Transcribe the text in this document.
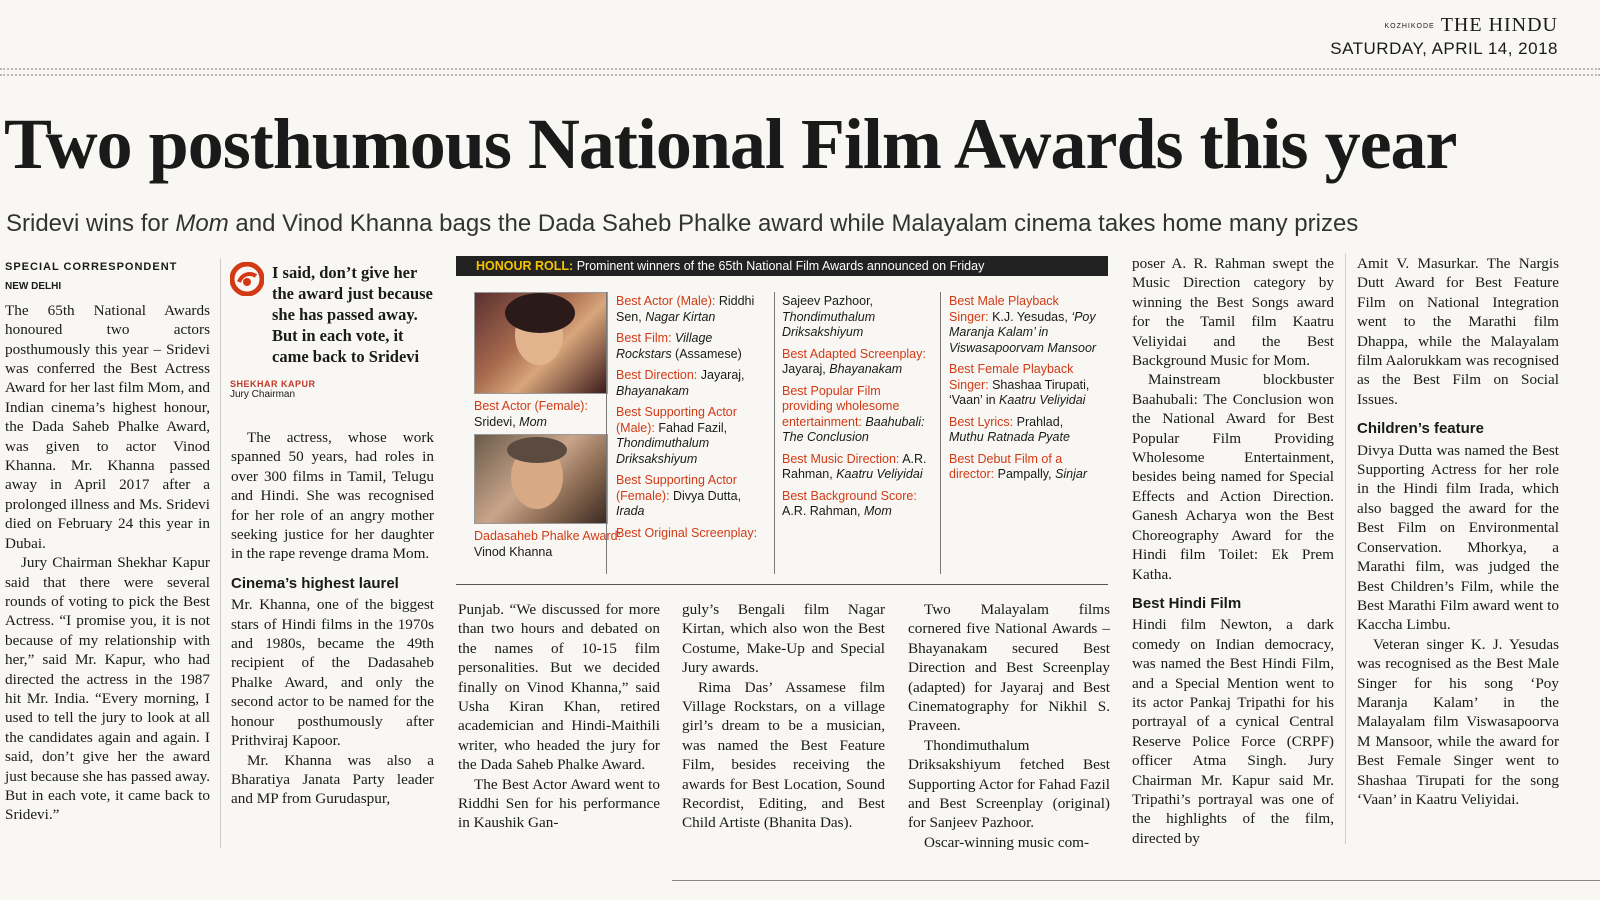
KOZHIKODE THE HINDU
SATURDAY, APRIL 14, 2018
Two posthumous National Film Awards this year
Sridevi wins for Mom and Vinod Khanna bags the Dada Saheb Phalke award while Malayalam cinema takes home many prizes
SPECIAL CORRESPONDENT
NEW DELHI

The 65th National Awards honoured two actors posthumously this year – Sridevi was conferred the Best Actress Award for her last film Mom, and Indian cinema’s highest honour, the Dada Saheb Phalke Award, was given to actor Vinod Khanna. Mr. Khanna passed away in April 2017 after a prolonged illness and Ms. Sridevi died on February 24 this year in Dubai.

Jury Chairman Shekhar Kapur said that there were several rounds of voting to pick the Best Actress. “I promise you, it is not because of my relationship with her,” said Mr. Kapur, who had directed the actress in the 1987 hit Mr. India. “Every morning, I used to tell the jury to look at all the candidates again and again. I said, don’t give her the award just because she has passed away. But in each vote, it came back to Sridevi.”

I said, don’t give her the award just because she has passed away. But in each vote, it came back to Sridevi
SHEKHAR KAPUR
Jury Chairman

The actress, whose work spanned 50 years, had roles in over 300 films in Tamil, Telugu and Hindi. She was recognised for her role of an angry mother seeking justice for her daughter in the rape revenge drama Mom.

Cinema’s highest laurel

Mr. Khanna, one of the biggest stars of Hindi films in the 1970s and 1980s, became the 49th recipient of the Dadasaheb Phalke Award, and only the second actor to be named for the honour posthumously after Prithviraj Kapoor.

Mr. Khanna was also a Bharatiya Janata Party leader and MP from Gurudaspur,

HONOUR ROLL: Prominent winners of the 65th National Film Awards announced on Friday
Best Actor (Female):
Sridevi, Mom
Dadasaheb Phalke Award: Vinod Khanna
Best Actor (Male): Riddhi Sen, Nagar Kirtan
Best Film: Village Rockstars (Assamese)
Best Direction: Jayaraj, Bhayanakam
Best Supporting Actor (Male): Fahad Fazil, Thondimuthalum Driksakshiyum
Best Supporting Actor (Female): Divya Dutta, Irada
Best Original Screenplay:
Sajeev Pazhoor, Thondimuthalum Driksakshiyum
Best Adapted Screenplay: Jayaraj, Bhayanakam
Best Popular Film providing wholesome entertainment: Baahubali: The Conclusion
Best Music Direction: A.R. Rahman, Kaatru Veliyidai
Best Background Score: A.R. Rahman, Mom
Best Male Playback Singer: K.J. Yesudas, ‘Poy Maranja Kalam’ in Viswasapoorvam Mansoor
Best Female Playback Singer: Shashaa Tirupati, ‘Vaan’ in Kaatru Veliyidai
Best Lyrics: Prahlad, Muthu Ratnada Pyate
Best Debut Film of a director: Pampally, Sinjar

Punjab. “We discussed for more than two hours and debated on the names of 10-15 film personalities. But we decided finally on Vinod Khanna,” said Usha Kiran Khan, retired academician and Hindi-Maithili writer, who headed the jury for the Dada Saheb Phalke Award.

The Best Actor Award went to Riddhi Sen for his performance in Kaushik Gan-

guly’s Bengali film Nagar Kirtan, which also won the Best Costume, Make-Up and Special Jury awards.

Rima Das’ Assamese film Village Rockstars, on a village girl’s dream to be a musician, was named the Best Feature Film, besides receiving the awards for Best Location, Sound Recordist, Editing, and Best Child Artiste (Bhanita Das).

Two Malayalam films cornered five National Awards – Bhayanakam secured Best Direction and Best Screenplay (adapted) for Jayaraj and Best Cinematography for Nikhil S. Praveen.

Thondimuthalum Driksakshiyum fetched Best Supporting Actor for Fahad Fazil and Best Screenplay (original) for Sanjeev Pazhoor.

Oscar-winning music com-

poser A. R. Rahman swept the Music Direction category by winning the Best Songs award for the Tamil film Kaatru Veliyidai and the Best Background Music for Mom.

Mainstream blockbuster Baahubali: The Conclusion won the National Award for Best Popular Film Providing Wholesome Entertainment, besides being named for Special Effects and Action Direction. Ganesh Acharya won the Best Choreography Award for the Hindi film Toilet: Ek Prem Katha.

Best Hindi Film

Hindi film Newton, a dark comedy on Indian democracy, was named the Best Hindi Film, and a Special Mention went to its actor Pankaj Tripathi for his portrayal of a cynical Central Reserve Police Force (CRPF) officer Atma Singh. Jury Chairman Mr. Kapur said Mr. Tripathi’s portrayal was one of the highlights of the film, directed by

Amit V. Masurkar. The Nargis Dutt Award for Best Feature Film on National Integration went to the Marathi film Dhappa, while the Malayalam film Aalorukkam was recognised as the Best Film on Social Issues.

Children’s feature

Divya Dutta was named the Best Supporting Actress for her role in the Hindi film Irada, which also bagged the award for the Best Film on Environmental Conservation. Mhorkya, a Marathi film, was judged the Best Children’s Film, while the Best Marathi Film award went to Kaccha Limbu.

Veteran singer K. J. Yesudas was recognised as the Best Male Singer for his song ‘Poy Maranja Kalam’ in the Malayalam film Viswasapoorva M Mansoor, while the award for Best Female Singer went to Shashaa Tirupati for the song ‘Vaan’ in Kaatru Veliyidai.
